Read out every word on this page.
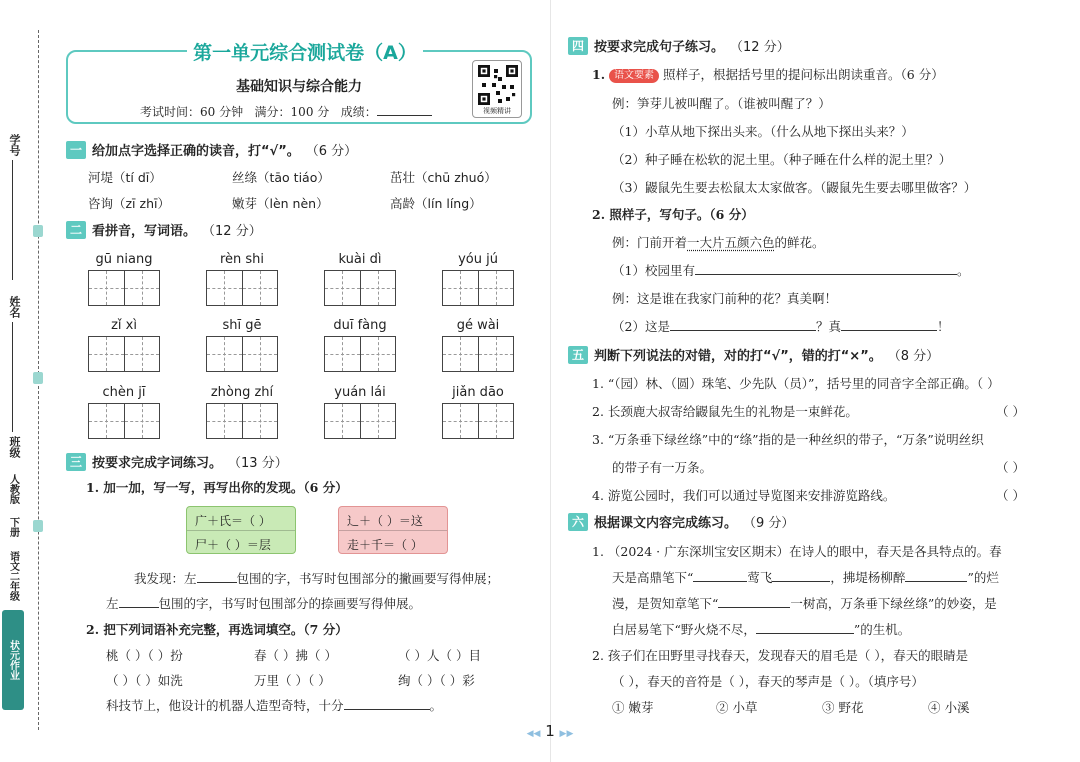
学号
姓名
班级
人教版
下册
语文二年级
状元作业
第一单元综合测试卷（A）
基础知识与综合能力
考试时间：60 分钟 满分：100 分 成绩：	视频精讲
一 给加点字选择正确的读音，打“√”。 （6 分）
河堤（tí dī）	丝绦（tāo tiáo）	茁壮（chū zhuó）
咨询（zī zhī）	嫩芽（lèn nèn）	高龄（lín líng）
二 看拼音，写词语。 （12 分）
gū niang	rèn shi	kuài dì	yóu jú
zǐ xì	shī gē	duī fàng	gé wài
chèn jī	zhòng zhí	yuán lái	jiǎn dāo
三 按要求完成字词练习。 （13 分）
1. 加一加，写一写，再写出你的发现。（6 分）
广＋氏＝（ ）
尸＋（ ）＝层
辶＋（ ）＝这
走＋千＝（ ）
我发现：左	包围的字，书写时包围部分的撇画要写得伸展；
左	包围的字，书写时包围部分的捺画要写得伸展。
2. 把下列词语补充完整，再选词填空。（7 分）
桃（ ）（ ）扮	春（ ）拂（ ）	（ ）人（ ）目
（ ）（ ）如洗	万里（ ）（ ）	绚（ ）（ ）彩
科技节上，他设计的机器人造型奇特，十分	。
四 按要求完成句子练习。 （12 分）
1. 语文要素 照样子，根据括号里的提问标出朗读重音。（6 分）
例：笋芽儿被叫醒了。（谁被叫醒了？）
（1）小草从地下探出头来。（什么从地下探出头来？）
（2）种子睡在松软的泥土里。（种子睡在什么样的泥土里？）
（3）鼹鼠先生要去松鼠太太家做客。（鼹鼠先生要去哪里做客？）
2. 照样子，写句子。（6 分）
例：门前开着一大片五颜六色的鲜花。
（1）校园里有	。
例：这是谁在我家门前种的花？真美啊！
（2）这是	？真	！
五 判断下列说法的对错，对的打“√”，错的打“×”。 （8 分）
1. “（园）林、（圆）珠笔、少先队（员）”，括号里的同音字全部正确。（ ）
2. 长颈鹿大叔寄给鼹鼠先生的礼物是一束鲜花。	（ ）
3. “万条垂下绿丝绦”中的“绦”指的是一种丝织的带子，“万条”说明丝织
的带子有一万条。	（ ）
4. 游览公园时，我们可以通过导览图来安排游览路线。	（ ）
六 根据课文内容完成练习。 （9 分）
1. （2024 · 广东深圳宝安区期末）在诗人的眼中，春天是各具特点的。春
天是高鼎笔下“	莺飞	，拂堤杨柳醉	”的烂
漫，是贺知章笔下“	一树高，万条垂下绿丝绦”的妙姿，是
白居易笔下“野火烧不尽，	”的生机。
2. 孩子们在田野里寻找春天，发现春天的眉毛是（ ），春天的眼睛是
（ ），春天的音符是（ ），春天的琴声是（ ）。（填序号）
① 嫩芽	② 小草	③ 野花	④ 小溪
◀◀ 1 ▶▶
